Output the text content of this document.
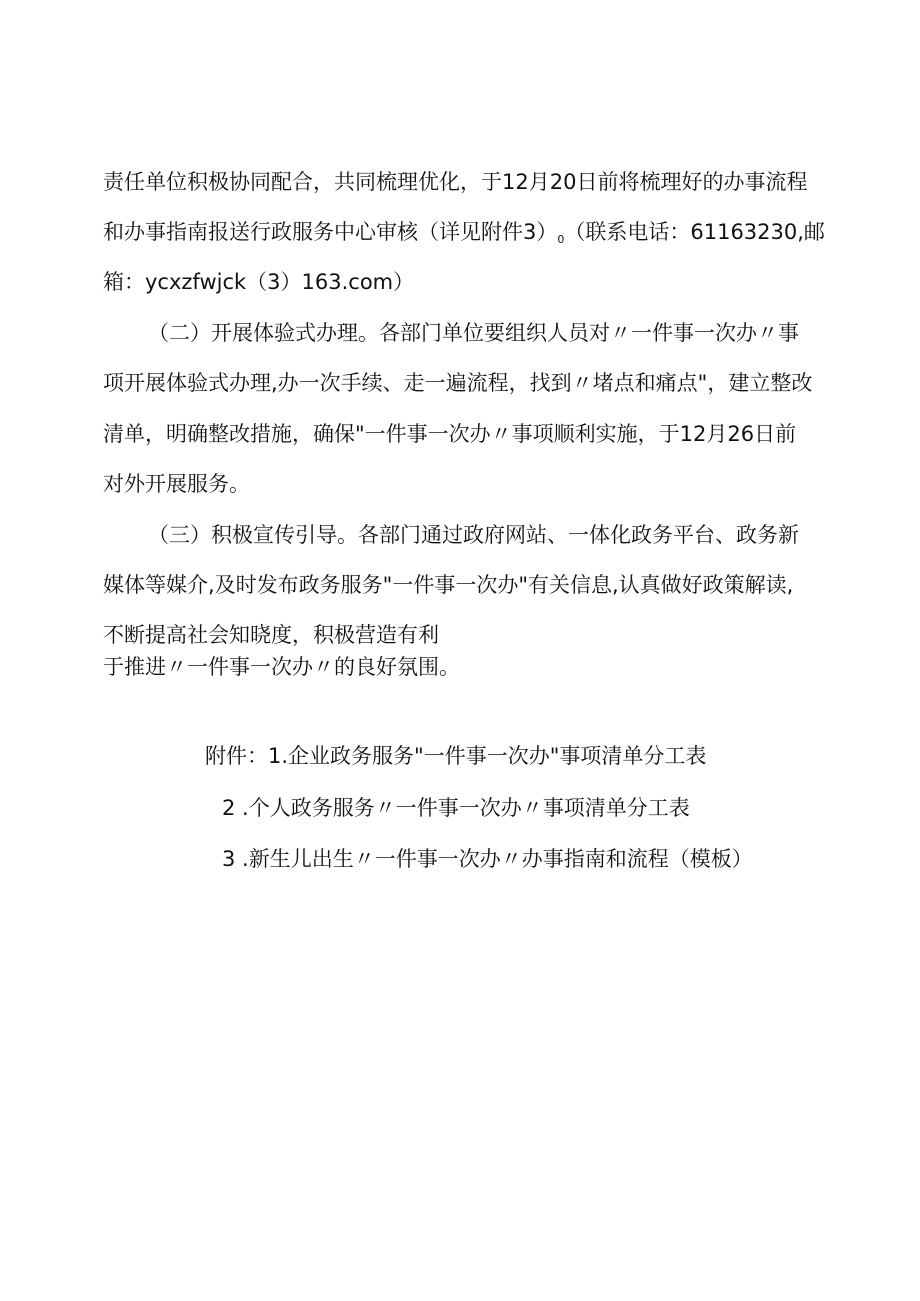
责任单位积极协同配合，共同梳理优化，于12月20日前将梳理好的办事流程
和办事指南报送行政服务中心审核（详见附件3）0（联系电话：61163230,邮
箱：ycxzfwjck（3）163.com）
（二）开展体验式办理。各部门单位要组织人员对〃一件事一次办〃事
项开展体验式办理,办一次手续、走一遍流程，找到〃堵点和痛点"，建立整改
清单，明确整改措施，确保"一件事一次办〃事项顺利实施，于12月26日前
对外开展服务。
（三）积极宣传引导。各部门通过政府网站、一体化政务平台、政务新
媒体等媒介,及时发布政务服务"一件事一次办"有关信息,认真做好政策解读,
不断提高社会知晓度，积极营造有利
于推进〃一件事一次办〃的良好氛围。
附件：1.企业政务服务"一件事一次办"事项清单分工表
2 .个人政务服务〃一件事一次办〃事项清单分工表
3 .新生儿出生〃一件事一次办〃办事指南和流程（模板）
